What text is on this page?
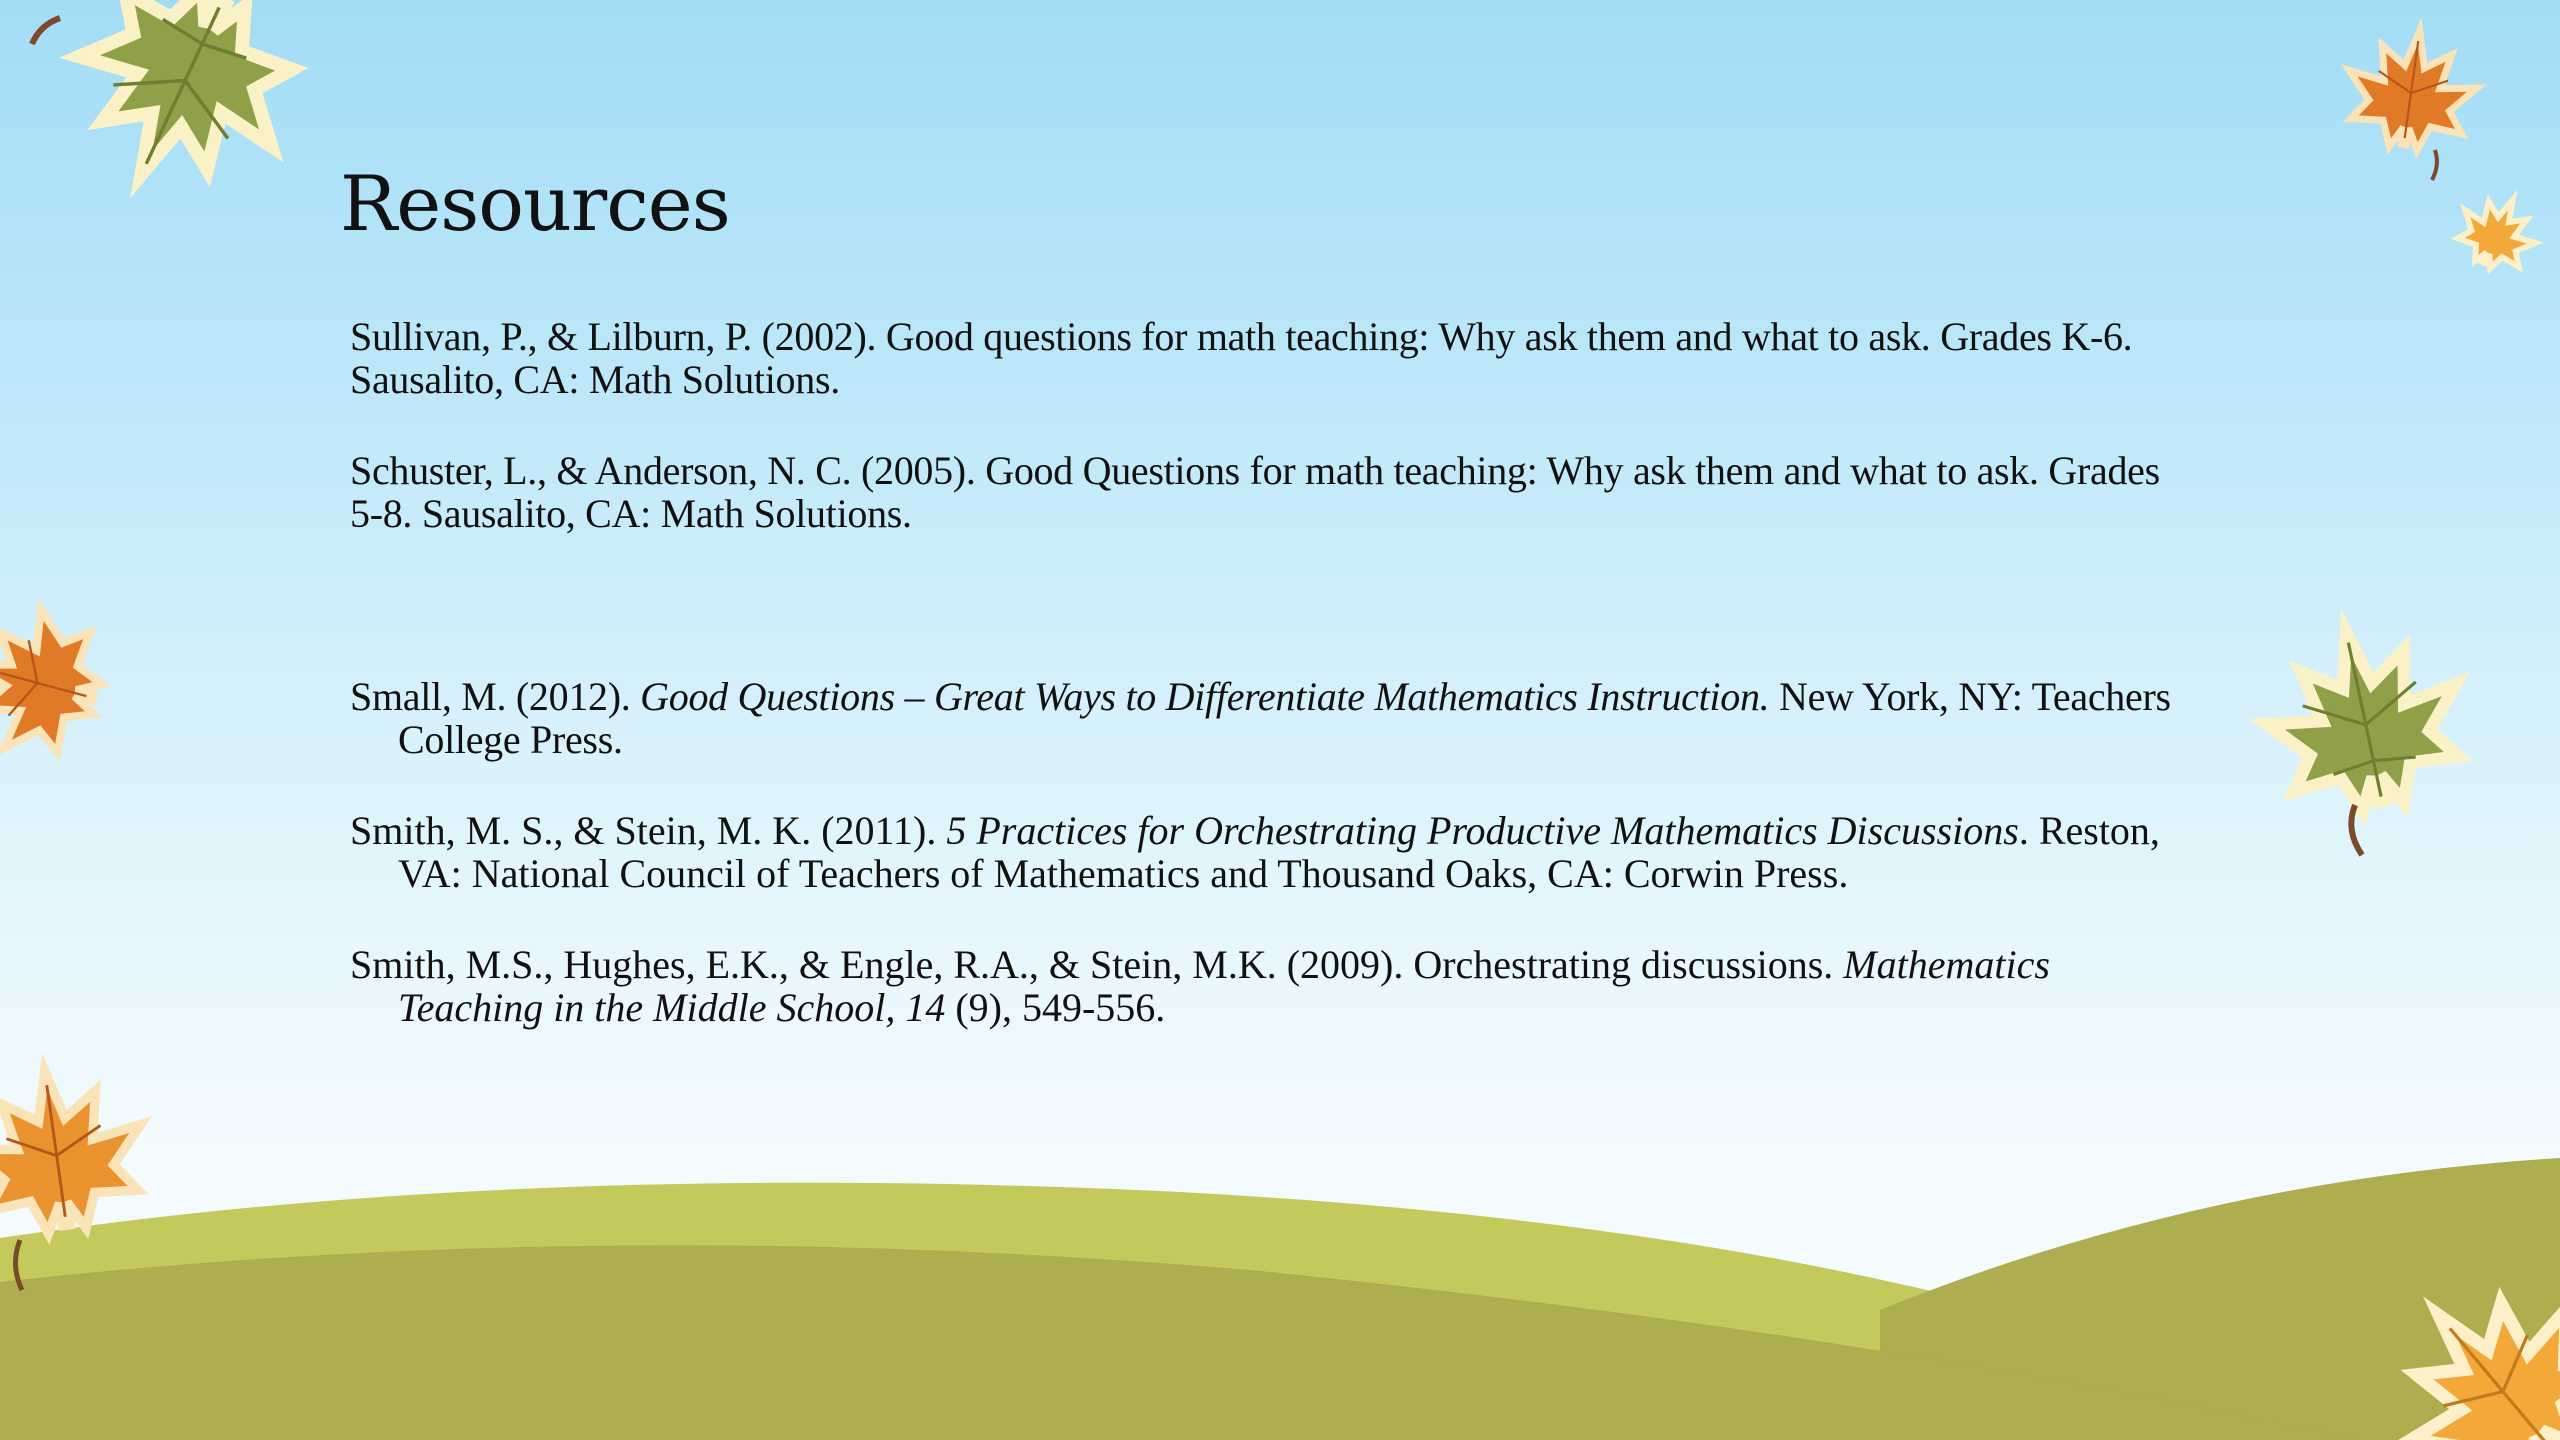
Resources

Sullivan, P., & Lilburn, P. (2002). Good questions for math teaching: Why ask them and what to ask. Grades K-6. Sausalito, CA: Math Solutions.

Schuster, L., & Anderson, N. C. (2005). Good Questions for math teaching: Why ask them and what to ask. Grades 5-8. Sausalito, CA: Math Solutions.

Small, M. (2012). Good Questions – Great Ways to Differentiate Mathematics Instruction. New York, NY: Teachers College Press.

Smith, M. S., & Stein, M. K. (2011). 5 Practices for Orchestrating Productive Mathematics Discussions. Reston, VA: National Council of Teachers of Mathematics and Thousand Oaks, CA: Corwin Press.

Smith, M.S., Hughes, E.K., & Engle, R.A., & Stein, M.K. (2009). Orchestrating discussions. Mathematics Teaching in the Middle School, 14 (9), 549-556.
